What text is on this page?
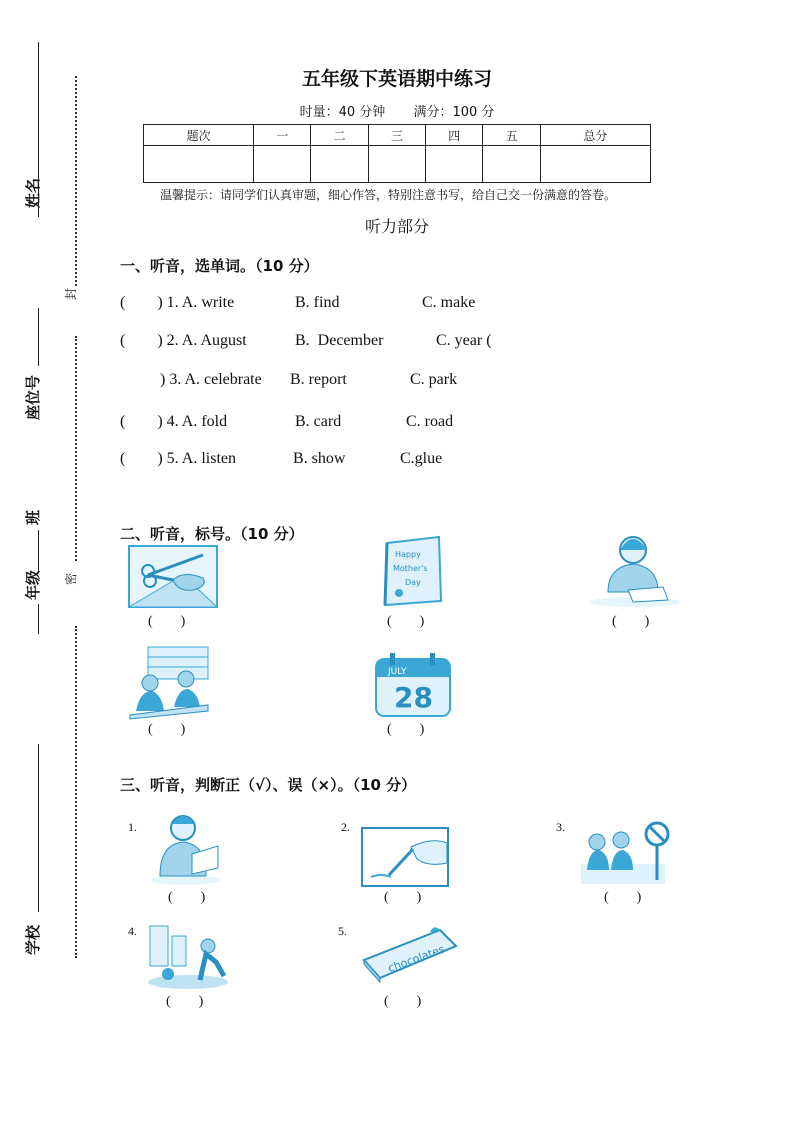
姓名
封
密
座位号
班
年级
学校
五年级下英语期中练习
时量：40 分钟 满分：100 分
题次	一	二	三	四	五	总分

温馨提示：请同学们认真审题，细心作答，特别注意书写，给自己交一份满意的答卷。
听力部分
一、听音，选单词。（10 分）
(        ) 1. A. write	B. find	C. make
(        ) 2. A. August	B.  December	C. year (
) 3. A. celebrate B. report	C. park
(        ) 4. A. fold	B. card	C. road
(        ) 5. A. listen	B. show	C.glue
二、听音，标号。（10 分）
(        )
Happy
Mother's
Day
(        )	(        )
(        )
JULY
28
(        )
三、听音，判断正（√）、误（×）。（10 分）
1.
(        )
2.
(        )
3.
(        )
4.
(        )
5.
chocolates
(        )
